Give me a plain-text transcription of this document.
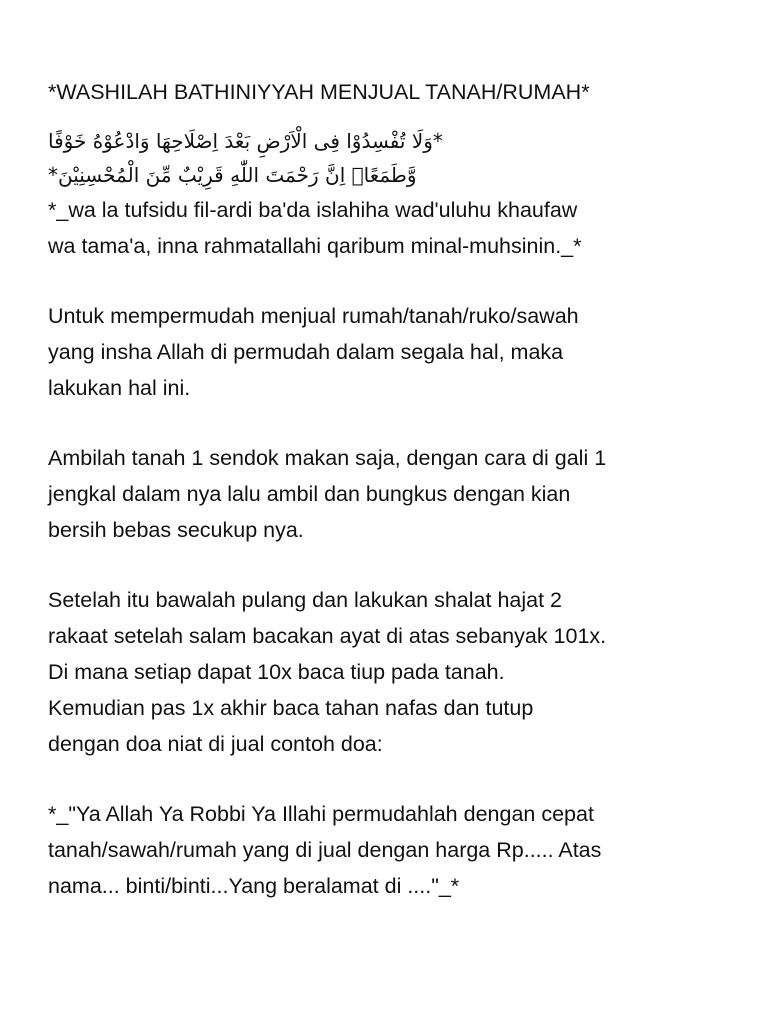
*WASHILAH BATHINIYYAH MENJUAL TANAH/RUMAH*
*وَلَا تُفْسِدُوْا فِى الْاَرْضِ بَعْدَ اِصْلَاحِهَا وَادْعُوْهُ خَوْفًا
وَّطَمَعًاۗ اِنَّ رَحْمَتَ اللّٰهِ قَرِيْبٌ مِّنَ الْمُحْسِنِيْنَ*
*_wa la tufsidu fil-ardi ba'da islahiha wad'uluhu khaufaw
wa tama'a, inna rahmatallahi qaribum minal-muhsinin._*
Untuk mempermudah menjual rumah/tanah/ruko/sawah
yang insha Allah di permudah dalam segala hal, maka
lakukan hal ini.
Ambilah tanah 1 sendok makan saja, dengan cara di gali 1
jengkal dalam nya lalu ambil dan bungkus dengan kian
bersih bebas secukup nya.
Setelah itu bawalah pulang dan lakukan shalat hajat 2
rakaat setelah salam bacakan ayat di atas sebanyak 101x.
Di mana setiap dapat 10x baca tiup pada tanah.
Kemudian pas 1x akhir baca tahan nafas dan tutup
dengan doa niat di jual contoh doa:
*_"Ya Allah Ya Robbi Ya Illahi permudahlah dengan cepat
tanah/sawah/rumah yang di jual dengan harga Rp..... Atas
nama... binti/binti...Yang beralamat di ...."_*
